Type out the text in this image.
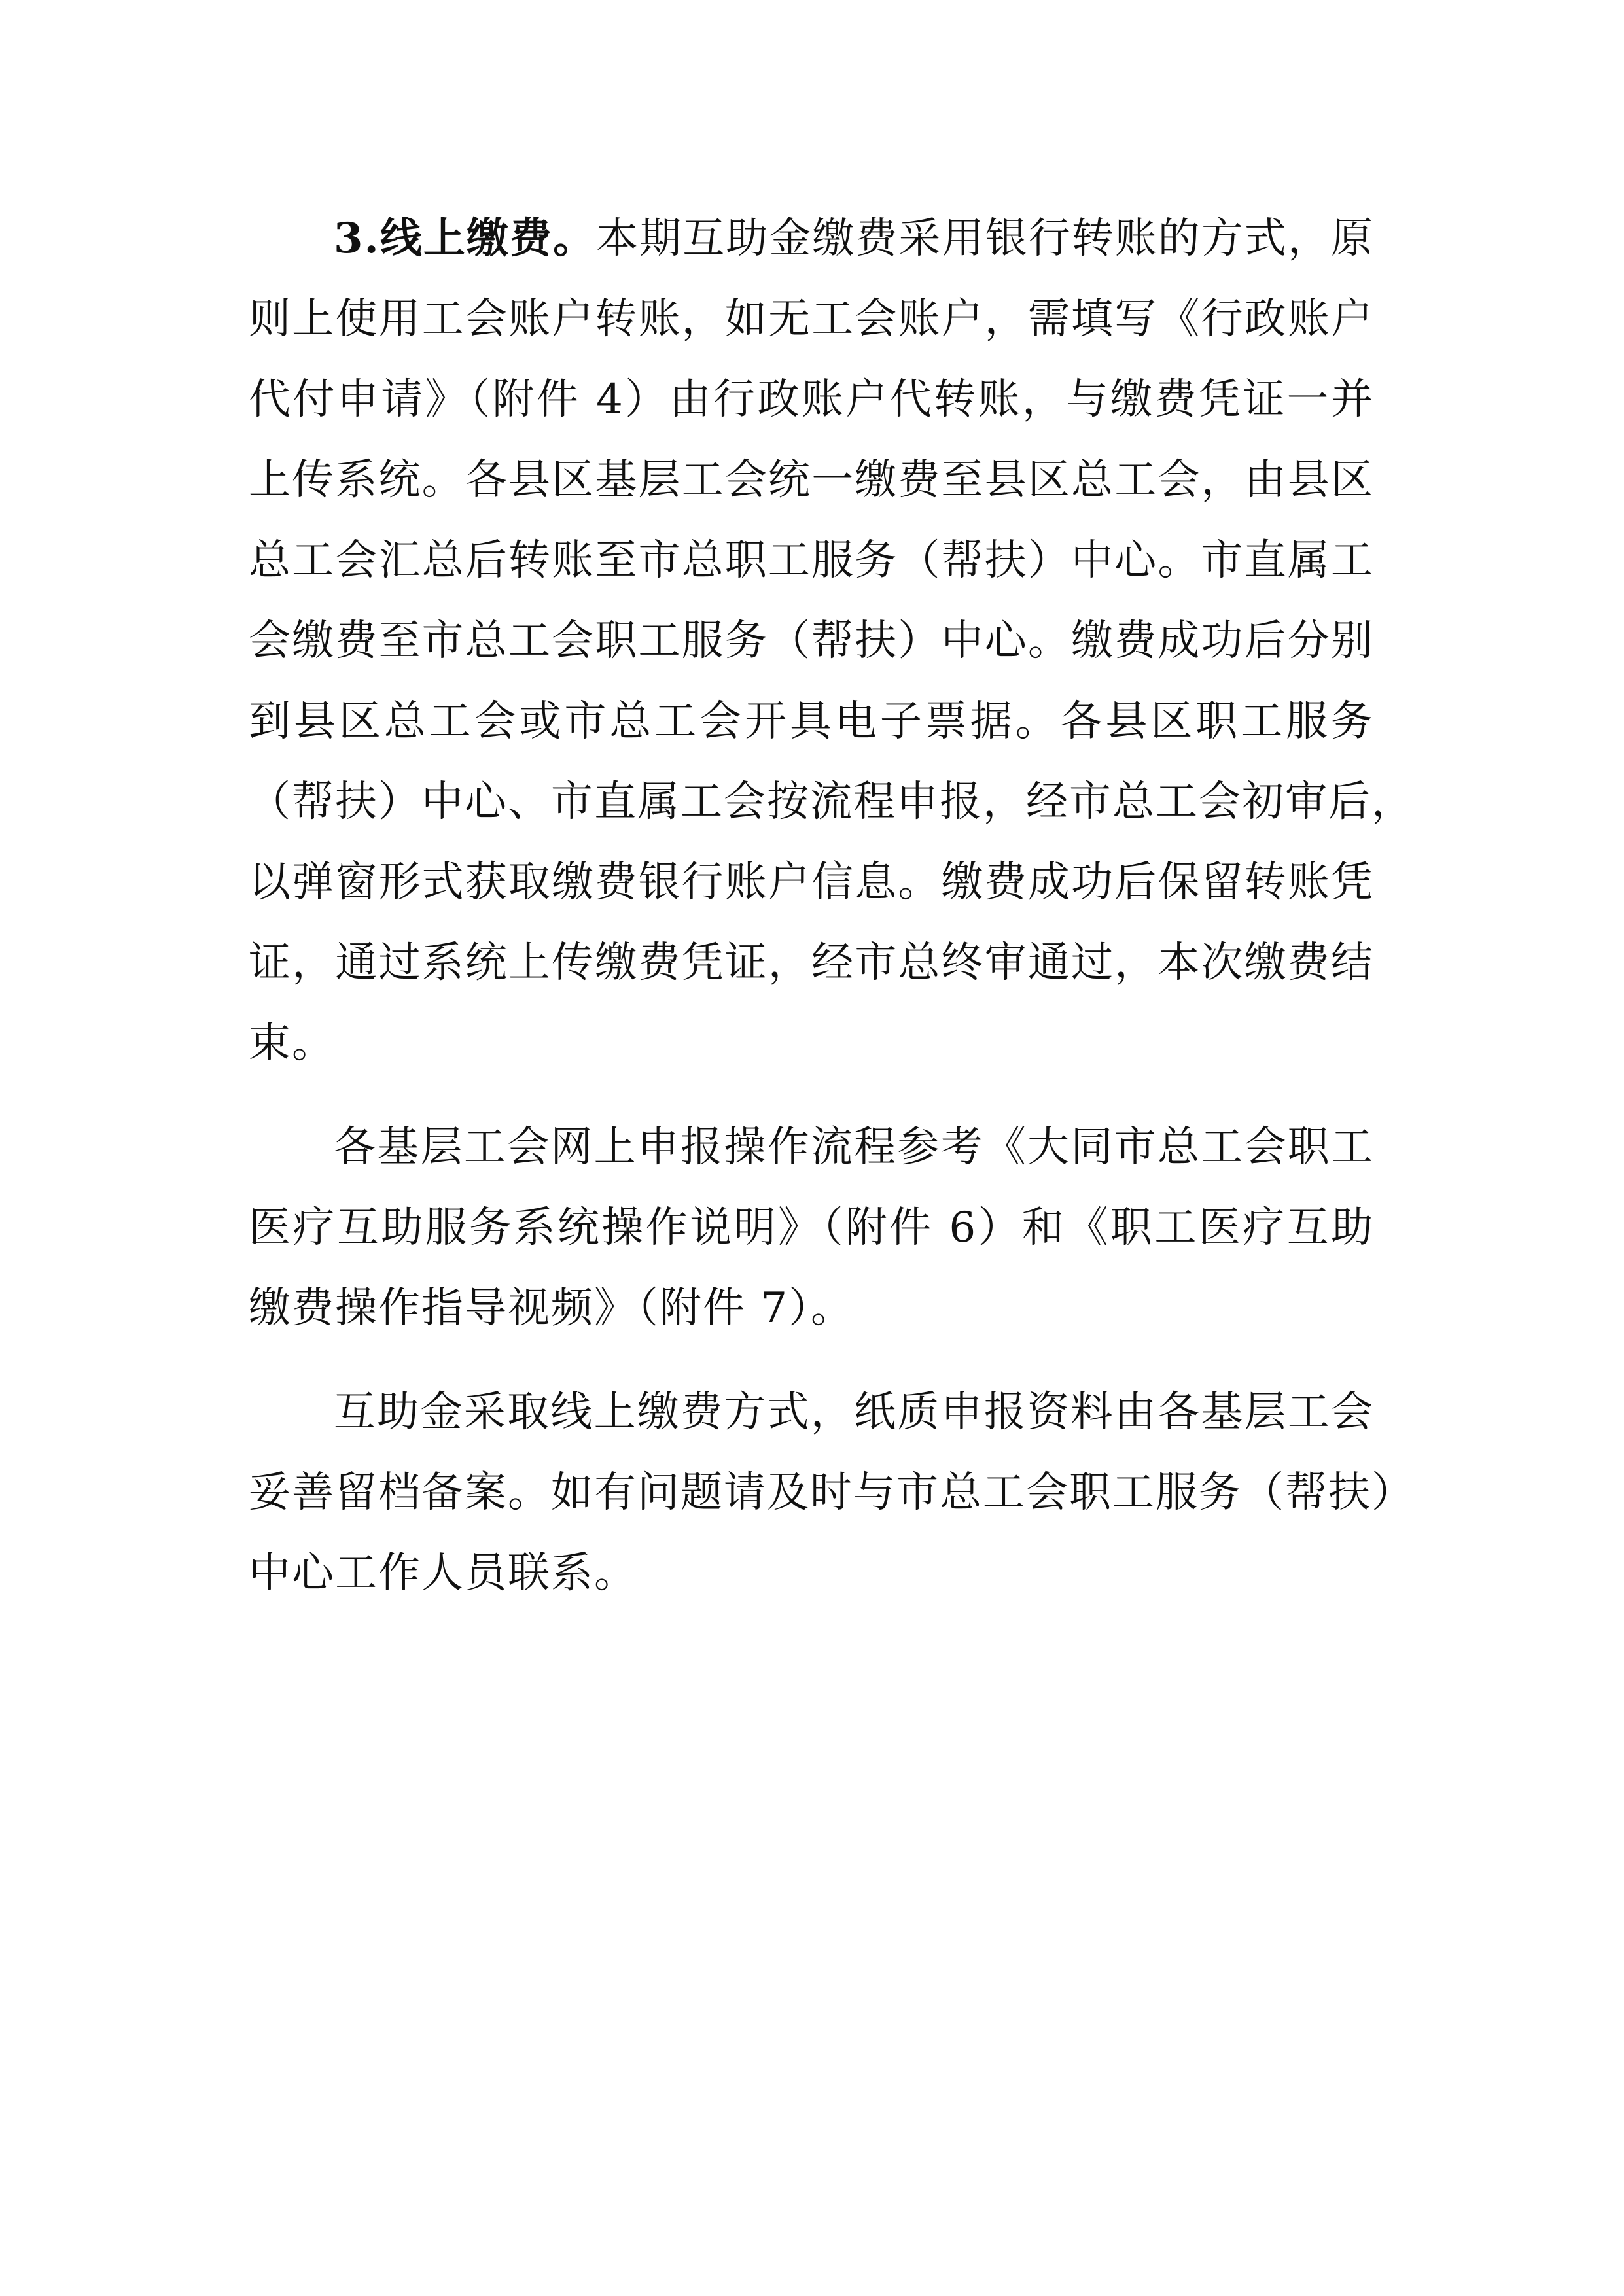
3.线上缴费。本期互助金缴费采用银行转账的方式，原
则上使用工会账户转账，如无工会账户，需填写《行政账户
代付申请》（附件 4）由行政账户代转账，与缴费凭证一并
上传系统。各县区基层工会统一缴费至县区总工会，由县区
总工会汇总后转账至市总职工服务（帮扶）中心。市直属工
会缴费至市总工会职工服务（帮扶）中心。缴费成功后分别
到县区总工会或市总工会开具电子票据。各县区职工服务
（帮扶）中心、市直属工会按流程申报，经市总工会初审后，
以弹窗形式获取缴费银行账户信息。缴费成功后保留转账凭
证，通过系统上传缴费凭证，经市总终审通过，本次缴费结
束。
各基层工会网上申报操作流程参考《大同市总工会职工
医疗互助服务系统操作说明》（附件 6）和《职工医疗互助
缴费操作指导视频》（附件 7）。
互助金采取线上缴费方式，纸质申报资料由各基层工会
妥善留档备案。如有问题请及时与市总工会职工服务（帮扶）
中心工作人员联系。
